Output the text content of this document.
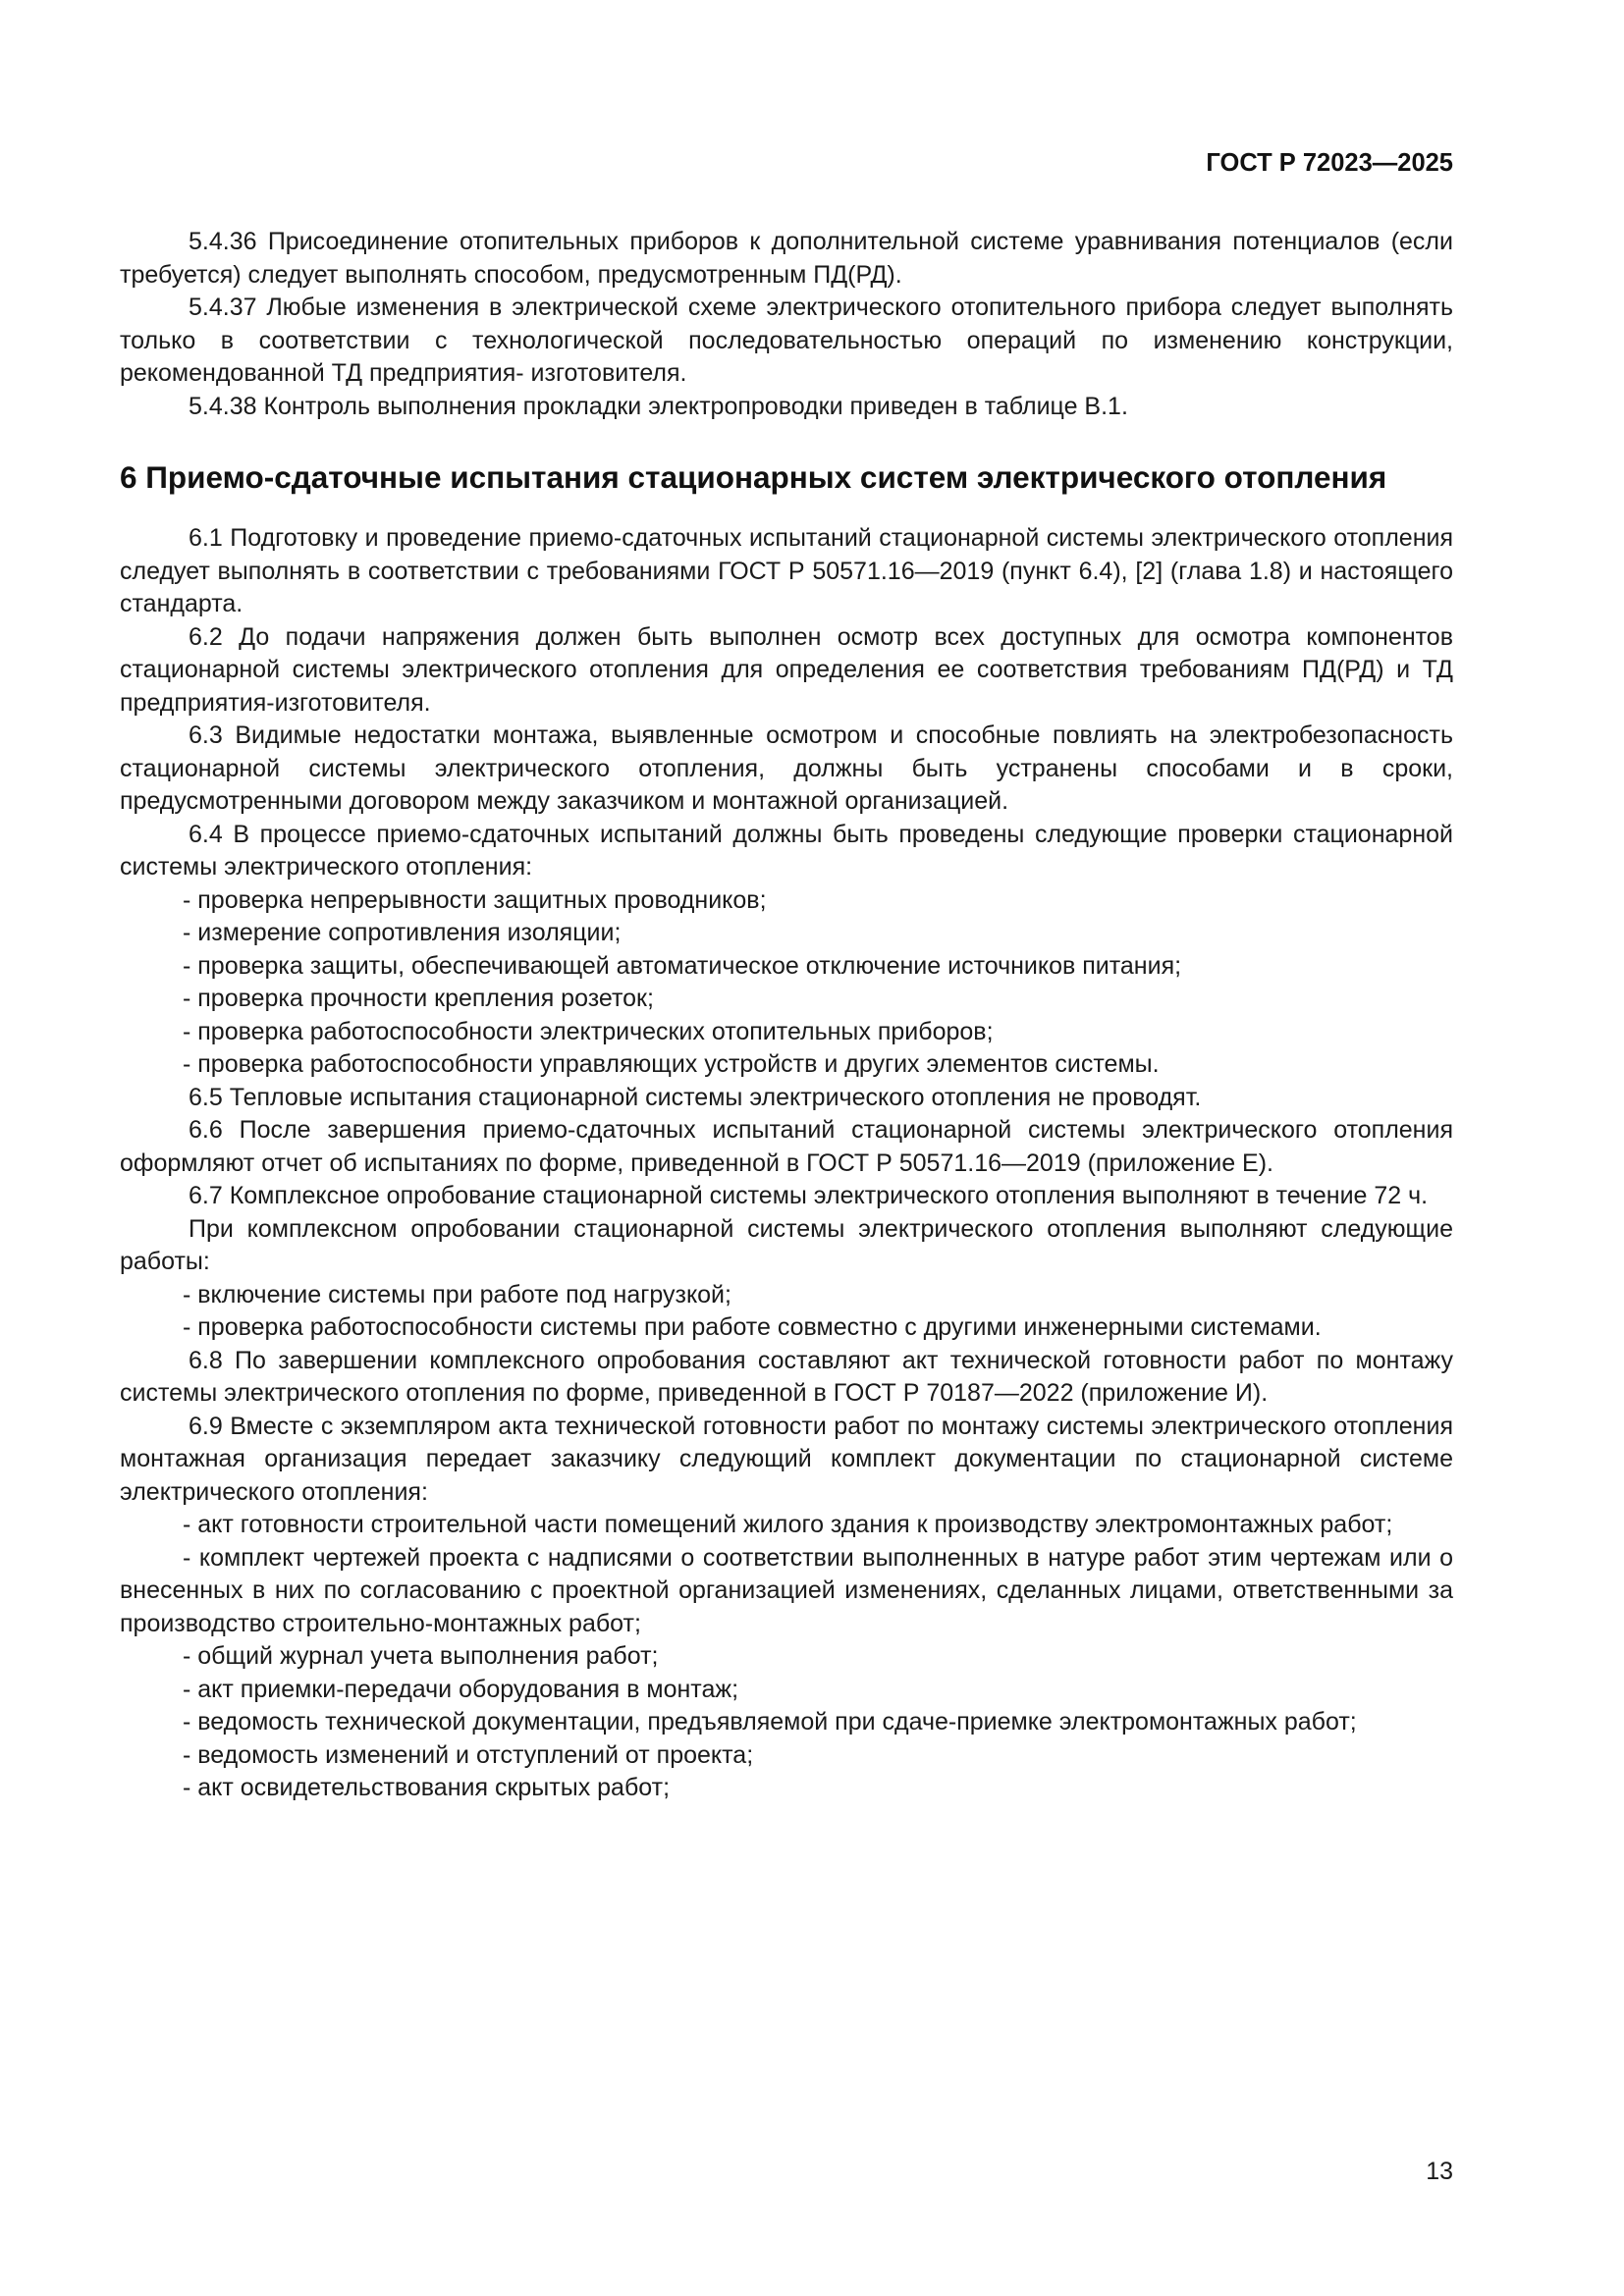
ГОСТ Р 72023—2025

5.4.36 Присоединение отопительных приборов к дополнительной системе уравнивания потенциалов (если требуется) следует выполнять способом, предусмотренным ПД(РД).

5.4.37 Любые изменения в электрической схеме электрического отопительного прибора следует выполнять только в соответствии с технологической последовательностью операций по изменению конструкции, рекомендованной ТД предприятия- изготовителя.

5.4.38 Контроль выполнения прокладки электропроводки приведен в таблице В.1.

6 Приемо-сдаточные испытания стационарных систем электрического отопления

6.1 Подготовку и проведение приемо-сдаточных испытаний стационарной системы электрического отопления следует выполнять в соответствии с требованиями ГОСТ Р 50571.16—2019 (пункт 6.4), [2] (глава 1.8) и настоящего стандарта.

6.2 До подачи напряжения должен быть выполнен осмотр всех доступных для осмотра компонентов стационарной системы электрического отопления для определения ее соответствия требованиям ПД(РД) и ТД предприятия-изготовителя.

6.3 Видимые недостатки монтажа, выявленные осмотром и способные повлиять на электробезопасность стационарной системы электрического отопления, должны быть устранены способами и в сроки, предусмотренными договором между заказчиком и монтажной организацией.

6.4 В процессе приемо-сдаточных испытаний должны быть проведены следующие проверки стационарной системы электрического отопления:

- проверка непрерывности защитных проводников;

- измерение сопротивления изоляции;

- проверка защиты, обеспечивающей автоматическое отключение источников питания;

- проверка прочности крепления розеток;

- проверка работоспособности электрических отопительных приборов;

- проверка работоспособности управляющих устройств и других элементов системы.

6.5 Тепловые испытания стационарной системы электрического отопления не проводят.

6.6 После завершения приемо-сдаточных испытаний стационарной системы электрического отопления оформляют отчет об испытаниях по форме, приведенной в ГОСТ Р 50571.16—2019 (приложение Е).

6.7 Комплексное опробование стационарной системы электрического отопления выполняют в течение 72 ч.

При комплексном опробовании стационарной системы электрического отопления выполняют следующие работы:

- включение системы при работе под нагрузкой;

- проверка работоспособности системы при работе совместно с другими инженерными системами.

6.8 По завершении комплексного опробования составляют акт технической готовности работ по монтажу системы электрического отопления по форме, приведенной в ГОСТ Р 70187—2022 (приложение И).

6.9 Вместе с экземпляром акта технической готовности работ по монтажу системы электрического отопления монтажная организация передает заказчику следующий комплект документации по стационарной системе электрического отопления:

- акт готовности строительной части помещений жилого здания к производству электромонтажных работ;

- комплект чертежей проекта с надписями о соответствии выполненных в натуре работ этим чертежам или о внесенных в них по согласованию с проектной организацией изменениях, сделанных лицами, ответственными за производство строительно-монтажных работ;

- общий журнал учета выполнения работ;

- акт приемки-передачи оборудования в монтаж;

- ведомость технической документации, предъявляемой при сдаче-приемке электромонтажных работ;

- ведомость изменений и отступлений от проекта;

- акт освидетельствования скрытых работ;

13
